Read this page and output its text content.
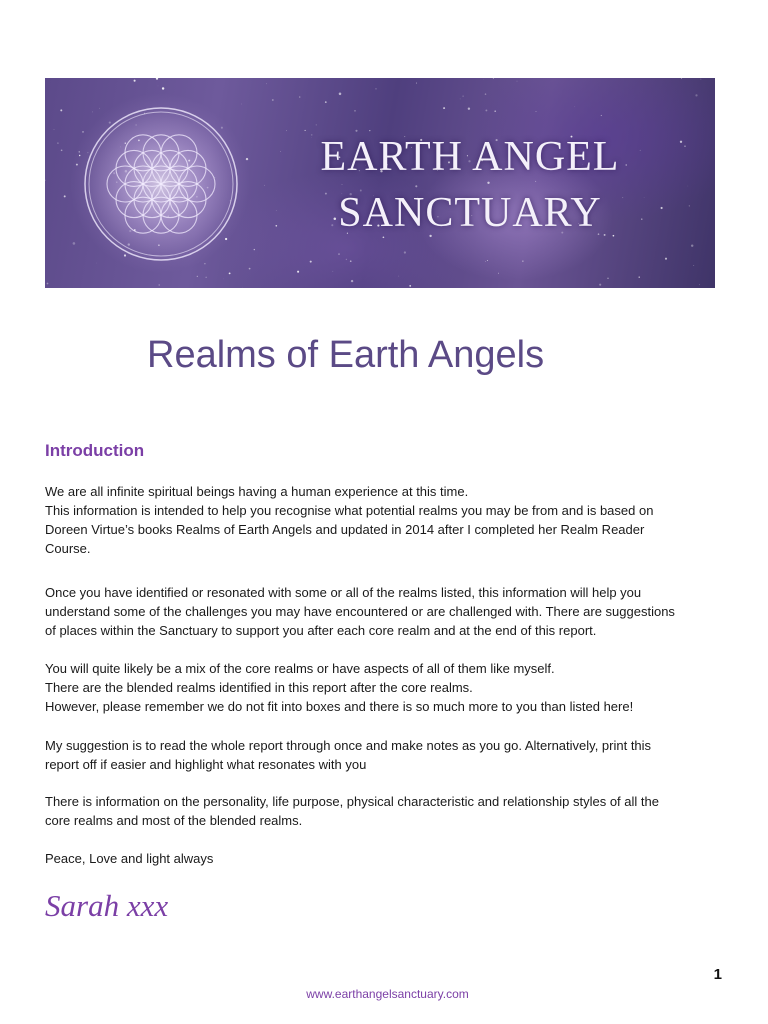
EARTH ANGEL
SANCTUARY
Realms of Earth Angels
Introduction

We are all infinite spiritual beings having a human experience at this time.
This information is intended to help you recognise what potential realms you may be from and is based on
Doreen Virtue’s books Realms of Earth Angels and updated in 2014 after I completed her Realm Reader
Course.

Once you have identified or resonated with some or all of the realms listed, this information will help you
understand some of the challenges you may have encountered or are challenged with. There are suggestions
of places within the Sanctuary to support you after each core realm and at the end of this report.

You will quite likely be a mix of the core realms or have aspects of all of them like myself.
There are the blended realms identified in this report after the core realms.
However, please remember we do not fit into boxes and there is so much more to you than listed here!

My suggestion is to read the whole report through once and make notes as you go. Alternatively, print this
report off if easier and highlight what resonates with you

There is information on the personality, life purpose, physical characteristic and relationship styles of all the
core realms and most of the blended realms.

Peace, Love and light always

Sarah xxx
1
www.earthangelsanctuary.com
